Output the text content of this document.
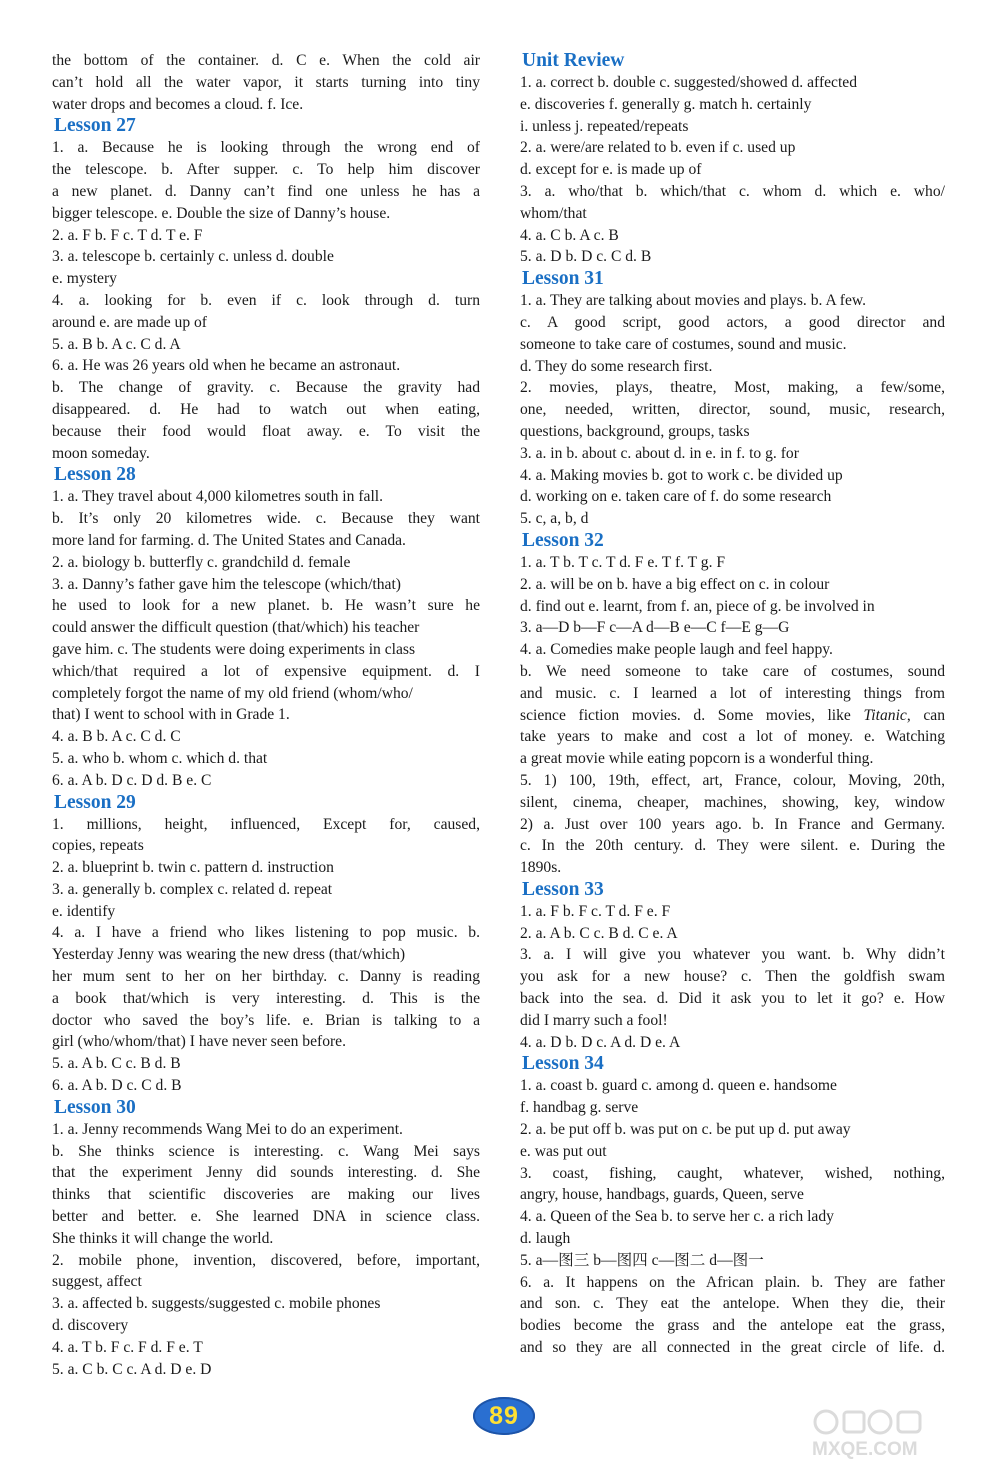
the bottom of the container. d. C e. When the cold air
can’t hold all the water vapor, it starts turning into tiny
water drops and becomes a cloud. f. Ice.
Lesson 27
1. a. Because he is looking through the wrong end of
the telescope. b. After supper. c. To help him discover
a new planet. d. Danny can’t find one unless he has a
bigger telescope. e. Double the size of Danny’s house.
2. a. F b. F c. T d. T e. F
3. a. telescope b. certainly c. unless d. double
e. mystery
4. a. looking for b. even if c. look through d. turn
around e. are made up of
5. a. B b. A c. C d. A
6. a. He was 26 years old when he became an astronaut.
b. The change of gravity. c. Because the gravity had
disappeared. d. He had to watch out when eating,
because their food would float away. e. To visit the
moon someday.
Lesson 28
1. a. They travel about 4,000 kilometres south in fall.
b. It’s only 20 kilometres wide. c. Because they want
more land for farming. d. The United States and Canada.
2. a. biology b. butterfly c. grandchild d. female
3. a. Danny’s father gave him the telescope (which/that)
he used to look for a new planet. b. He wasn’t sure he
could answer the difficult question (that/which) his teacher
gave him. c. The students were doing experiments in class
which/that required a lot of expensive equipment. d. I
completely forgot the name of my old friend (whom/who/
that) I went to school with in Grade 1.
4. a. B b. A c. C d. C
5. a. who b. whom c. which d. that
6. a. A b. D c. D d. B e. C
Lesson 29
1. millions, height, influenced, Except for, caused,
copies, repeats
2. a. blueprint b. twin c. pattern d. instruction
3. a. generally b. complex c. related d. repeat
e. identify
4. a. I have a friend who likes listening to pop music. b.
Yesterday Jenny was wearing the new dress (that/which)
her mum sent to her on her birthday. c. Danny is reading
a book that/which is very interesting. d. This is the
doctor who saved the boy’s life. e. Brian is talking to a
girl (who/whom/that) I have never seen before.
5. a. A b. C c. B d. B
6. a. A b. D c. C d. B
Lesson 30
1. a. Jenny recommends Wang Mei to do an experiment.
b. She thinks science is interesting. c. Wang Mei says
that the experiment Jenny did sounds interesting. d. She
thinks that scientific discoveries are making our lives
better and better. e. She learned DNA in science class.
She thinks it will change the world.
2. mobile phone, invention, discovered, before, important,
suggest, affect
3. a. affected b. suggests/suggested c. mobile phones
d. discovery
4. a. T b. F c. F d. F e. T
5. a. C b. C c. A d. D e. D
Unit Review
1. a. correct b. double c. suggested/showed d. affected
e. discoveries f. generally g. match h. certainly
i. unless j. repeated/repeats
2. a. were/are related to b. even if c. used up
d. except for e. is made up of
3. a. who/that b. which/that c. whom d. which e. who/
whom/that
4. a. C b. A c. B
5. a. D b. D c. C d. B
Lesson 31
1. a. They are talking about movies and plays. b. A few.
c. A good script, good actors, a good director and
someone to take care of costumes, sound and music.
d. They do some research first.
2. movies, plays, theatre, Most, making, a few/some,
one, needed, written, director, sound, music, research,
questions, background, groups, tasks
3. a. in b. about c. about d. in e. in f. to g. for
4. a. Making movies b. got to work c. be divided up
d. working on e. taken care of f. do some research
5. c, a, b, d
Lesson 32
1. a. T b. T c. T d. F e. T f. T g. F
2. a. will be on b. have a big effect on c. in colour
d. find out e. learnt, from f. an, piece of g. be involved in
3. a—D b—F c—A d—B e—C f—E g—G
4. a. Comedies make people laugh and feel happy.
b. We need someone to take care of costumes, sound
and music. c. I learned a lot of interesting things from
science fiction movies. d. Some movies, like Titanic, can
take years to make and cost a lot of money. e. Watching
a great movie while eating popcorn is a wonderful thing.
5. 1) 100, 19th, effect, art, France, colour, Moving, 20th,
silent, cinema, cheaper, machines, showing, key, window
2) a. Just over 100 years ago. b. In France and Germany.
c. In the 20th century. d. They were silent. e. During the
1890s.
Lesson 33
1. a. F b. F c. T d. F e. F
2. a. A b. C c. B d. C e. A
3. a. I will give you whatever you want. b. Why didn’t
you ask for a new house? c. Then the goldfish swam
back into the sea. d. Did it ask you to let it go? e. How
did I marry such a fool!
4. a. D b. D c. A d. D e. A
Lesson 34
1. a. coast b. guard c. among d. queen e. handsome
f. handbag g. serve
2. a. be put off b. was put on c. be put up d. put away
e. was put out
3. coast, fishing, caught, whatever, wished, nothing,
angry, house, handbags, guards, Queen, serve
4. a. Queen of the Sea b. to serve her c. a rich lady
d. laugh
5. a—图三 b—图四 c—图二 d—图一
6. a. It happens on the African plain. b. They are father
and son. c. They eat the antelope. When they die, their
bodies become the grass and the antelope eat the grass,
and so they are all connected in the great circle of life. d.
89
MXQE.COM
